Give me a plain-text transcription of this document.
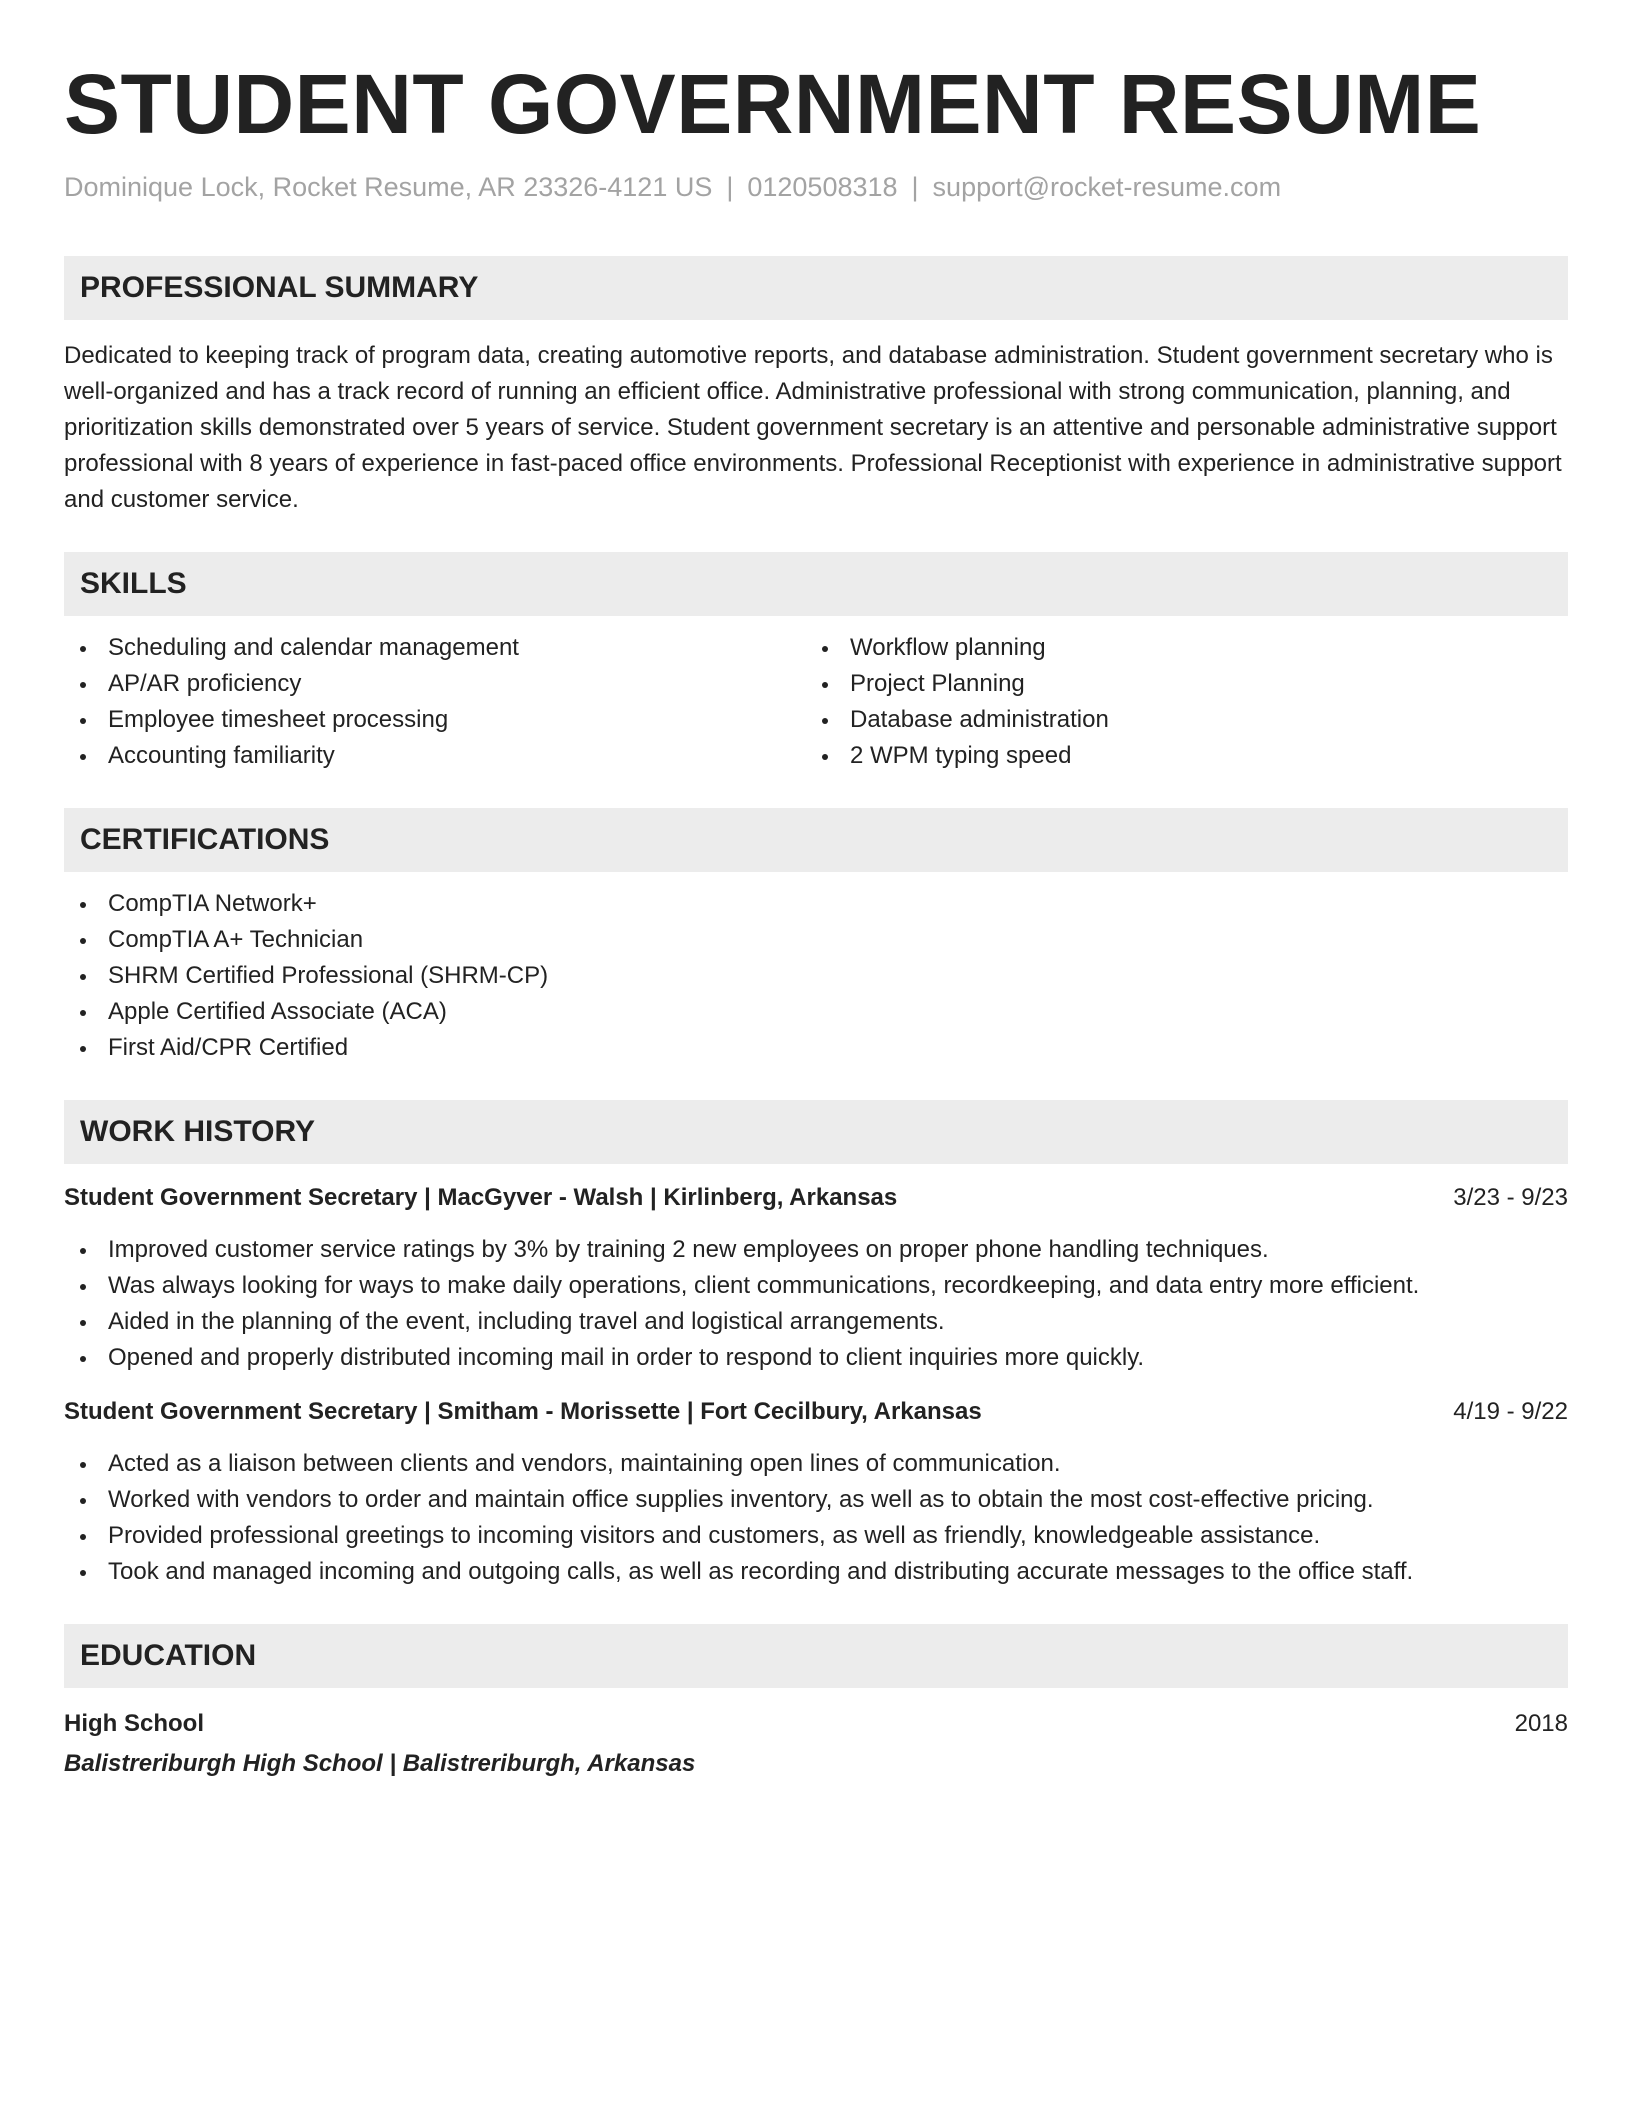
STUDENT GOVERNMENT RESUME
Dominique Lock, Rocket Resume, AR 23326-4121 US | 0120508318 | support@rocket-resume.com
PROFESSIONAL SUMMARY

Dedicated to keeping track of program data, creating automotive reports, and database administration. Student government secretary who is well-organized and has a track record of running an efficient office. Administrative professional with strong communication, planning, and prioritization skills demonstrated over 5 years of service. Student government secretary is an attentive and personable administrative support professional with 8 years of experience in fast-paced office environments. Professional Receptionist with experience in administrative support and customer service.

SKILLS
Scheduling and calendar management
AP/AR proficiency
Employee timesheet processing
Accounting familiarity
Workflow planning
Project Planning
Database administration
2 WPM typing speed
CERTIFICATIONS
CompTIA Network+
CompTIA A+ Technician
SHRM Certified Professional (SHRM-CP)
Apple Certified Associate (ACA)
First Aid/CPR Certified
WORK HISTORY
Student Government Secretary | MacGyver - Walsh | Kirlinberg, Arkansas	3/23 - 9/23
Improved customer service ratings by 3% by training 2 new employees on proper phone handling techniques.
Was always looking for ways to make daily operations, client communications, recordkeeping, and data entry more efficient.
Aided in the planning of the event, including travel and logistical arrangements.
Opened and properly distributed incoming mail in order to respond to client inquiries more quickly.
Student Government Secretary | Smitham - Morissette | Fort Cecilbury, Arkansas	4/19 - 9/22
Acted as a liaison between clients and vendors, maintaining open lines of communication.
Worked with vendors to order and maintain office supplies inventory, as well as to obtain the most cost-effective pricing.
Provided professional greetings to incoming visitors and customers, as well as friendly, knowledgeable assistance.
Took and managed incoming and outgoing calls, as well as recording and distributing accurate messages to the office staff.
EDUCATION
High School	2018
Balistreriburgh High School | Balistreriburgh, Arkansas
